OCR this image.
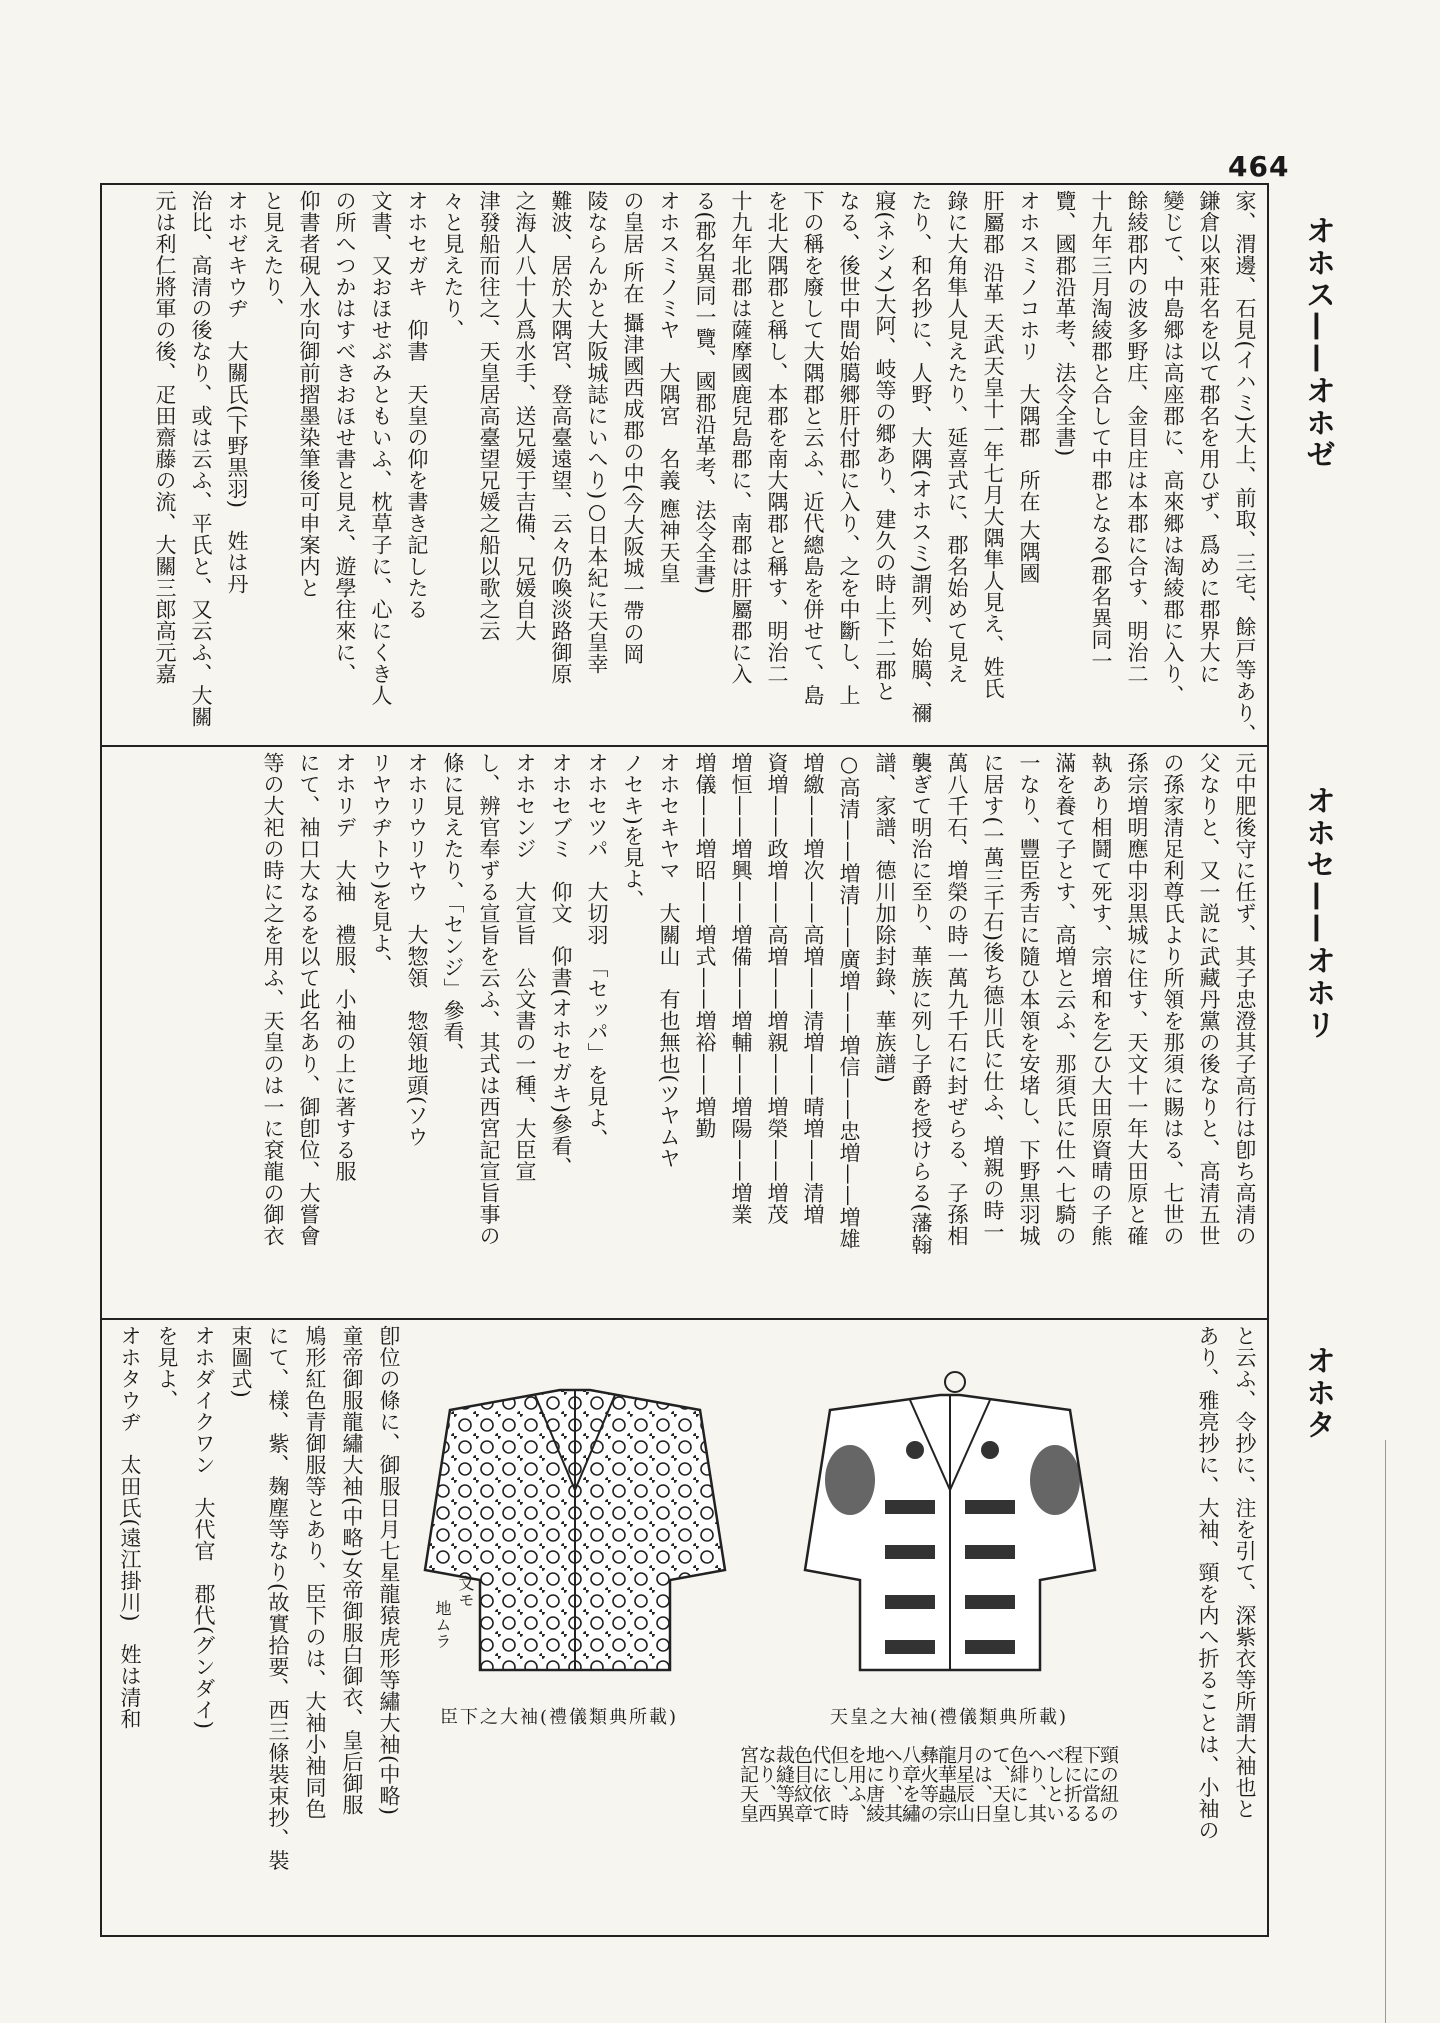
464
オホス——オホゼ
オホセ——オホリ
オホタ
家、渭邊、石見(イハミ)大上、前取、三宅、餘戸等あり、
鎌倉以來莊名を以て郡名を用ひず、爲めに郡界大に
變じて、中島郷は高座郡に、高來郷は淘綾郡に入り、
餘綾郡内の波多野庄、金目庄は本郡に合す、明治二
十九年三月淘綾郡と合して中郡となる(郡名異同一
覽、國郡沿革考、法令全書)
オホスミノコホリ　大隅郡　所在 大隅國
肝屬郡 沿革 天武天皇十一年七月大隅隼人見え、姓氏
錄に大角隼人見えたり、延喜式に、郡名始めて見え
たり、和名抄に、人野、大隅(オホスミ)謂列、始臈、禰
寢(ネシメ)大阿、岐等の郷あり、建久の時上下二郡と
なる、後世中間始臈郷肝付郡に入り、之を中斷し、上
下の稱を廢して大隅郡と云ふ、近代總島を併せて、島
を北大隅郡と稱し、本郡を南大隅郡と稱す、明治二
十九年北郡は薩摩國鹿兒島郡に、南郡は肝屬郡に入
る(郡名異同一覽、國郡沿革考、法令全書)
オホスミノミヤ　大隅宮　名義 應神天皇
の皇居 所在 攝津國西成郡の中(今大阪城一帶の岡
陵ならんかと大阪城誌にいへり)○日本紀に天皇幸
難波、居於大隅宮、登高臺遠望、云々仍喚淡路御原
之海人八十人爲水手、送兄媛于吉備、兄媛自大
津發船而往之、天皇居高臺望兄媛之船以歌之云
々と見えたり、
オホセガキ　仰書　天皇の仰を書き記したる
文書、又おほせぶみともいふ、枕草子に、心にくき人
の所へつかはすべきおほせ書と見え、遊學往來に、
仰書者硯入水向御前摺墨染筆後可申案内と
と見えたり、
オホゼキウヂ　大關氏(下野黒羽)　姓は丹
治比、高清の後なり、或は云ふ、平氏と、又云ふ、大關
元は利仁將軍の後、疋田齋藤の流、大關三郎高元嘉
元中肥後守に任ず、其子忠澄其子高行は卽ち高清の
父なりと、又一説に武藏丹黨の後なりと、高清五世
の孫家清足利尊氏より所領を那須に賜はる、七世の
孫宗増明應中羽黒城に住す、天文十一年大田原と確
執あり相鬪て死す、宗増和を乞ひ大田原資晴の子熊
滿を養て子とす、高増と云ふ、那須氏に仕へ七騎の
一なり、豐臣秀吉に隨ひ本領を安堵し、下野黒羽城
に居す(一萬三千石)後ち德川氏に仕ふ、増親の時一
萬八千石、増榮の時一萬九千石に封ぜらる、子孫相
襲ぎて明治に至り、華族に列し子爵を授けらる(藩翰
譜、家譜、德川加除封錄、華族譜)
○高清——増清——廣増——増信——忠増——増雄
増繳——増次——高増——清増——晴増——清増
資増——政増——高増——増親——増榮——増茂
増恒——増興——増備——増輔——増陽——増業
増儀——増昭——増式——増裕——増勤
オホセキヤマ　大關山　有也無也(ツヤムヤ
ノセキ)を見よ、
オホセツパ　大切羽　「セッパ」を見よ、
オホセブミ　仰文　仰書(オホセガキ)參看、
オホセンジ　大宣旨　公文書の一種、大臣宣
し、辨官奉ずる宣旨を云ふ、其式は西宮記宣旨事の
條に見えたり、「センジ」參看、
オホリウリヤウ　大惣領　惣領地頭(ソウ
リヤウヂトウ)を見よ、
オホリデ　大袖　禮服、小袖の上に著する服
にて、袖口大なるを以て此名あり、御卽位、大嘗會
等の大祀の時に之を用ふ、天皇のは一に袞龍の御衣
と云ふ、令抄に、注を引て、深紫衣等所謂大袖也と
あり、雅亮抄に、大袖、頸を内へ折ることは、小袖の
頸の紐の
下に當る
程に折る
べしとい
へり、其
色緋にし
て、天皇
のは、日
月星辰山
龍華蟲宗
彝火等の
八章を繡
へり、其
地に唐綾
を用ふ、
但し、時
代に依て
色目紋章
裁縫等異
なり、西
宮記天皇
卽位の條に、御服日月七星龍猿虎形等繡大袖(中略)
童帝御服龍繡大袖(中略)女帝御服白御衣、皇后御服
鳩形紅色青御服等とあり、臣下のは、大袖小袖同色
にて、樣、紫、麹塵等なり(故實拾要、西三條裝束抄、裝
束圖式)
オホダイクワン　大代官　郡代(グンダイ)
を見よ、
オホタウヂ　太田氏(遠江掛川)　姓は清和	天皇之大袖(禮儀類典所載)
臣下之大袖(禮儀類典所載)
文モ
地ムラ
